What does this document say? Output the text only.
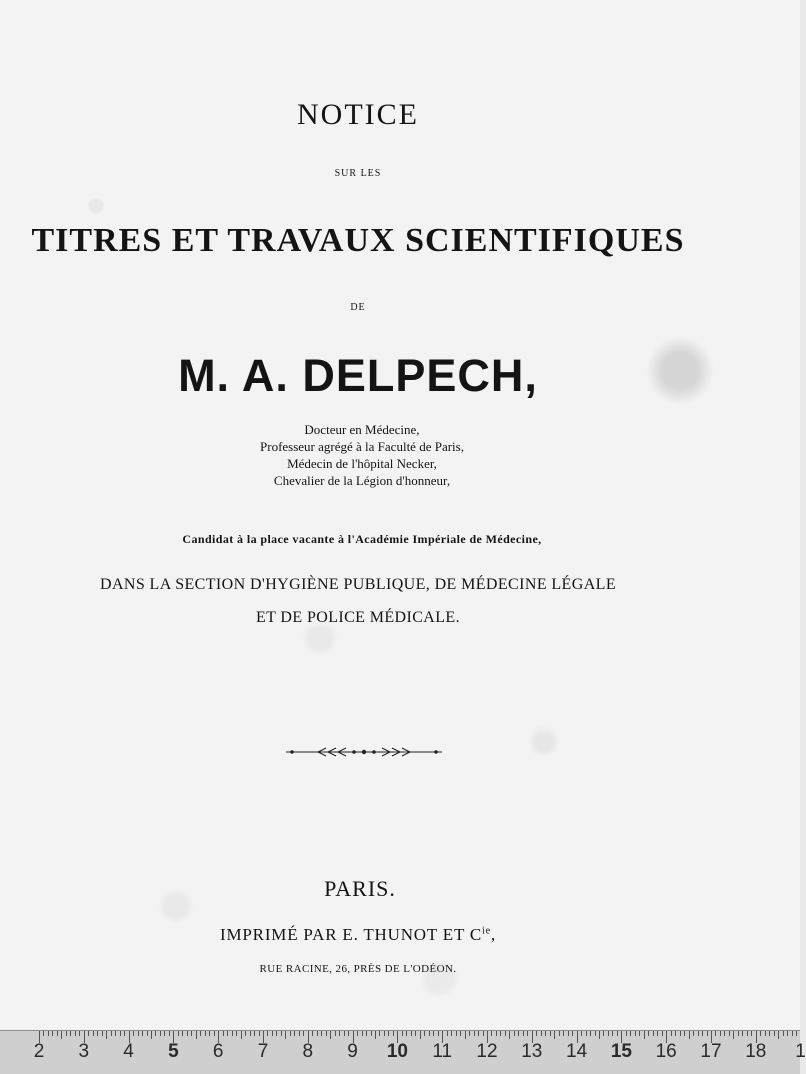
NOTICE
SUR LES
TITRES ET TRAVAUX SCIENTIFIQUES
DE
M. A. DELPECH,
Docteur en Médecine,
Professeur agrégé à la Faculté de Paris,
Médecin de l'hôpital Necker,
Chevalier de la Légion d'honneur,
Candidat à la place vacante à l'Académie Impériale de Médecine,
DANS LA SECTION D'HYGIÈNE PUBLIQUE, DE MÉDECINE LÉGALE
ET DE POLICE MÉDICALE.
PARIS.
IMPRIMÉ PAR E. THUNOT ET $C^{ie}$,
RUE RACINE, 26, PRÈS DE L'ODÉON.
2 3 4 5 6 7 8 9 10 11 12 13 14 15 16 17 18 1
